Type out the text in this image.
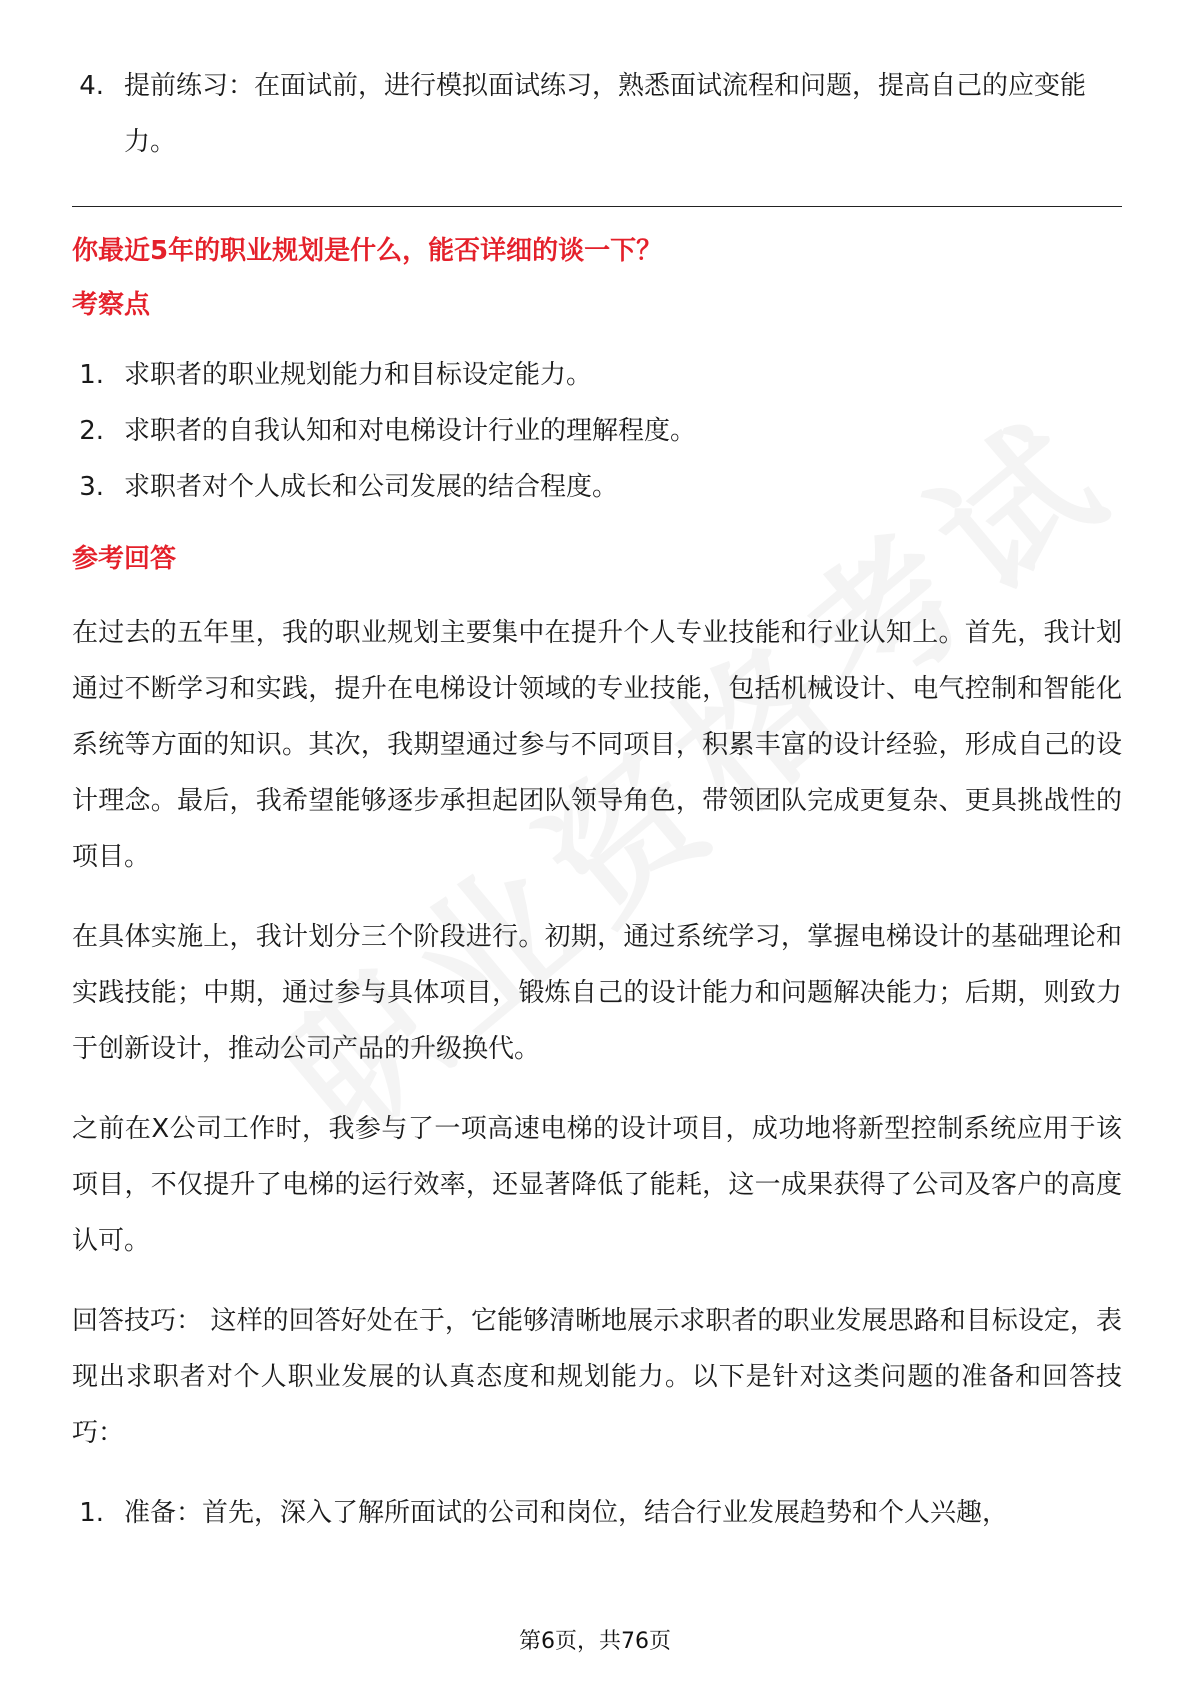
4. 提前练习：在面试前，进行模拟面试练习，熟悉面试流程和问题，提高自己的应变能力。
你最近5年的职业规划是什么，能否详细的谈一下？
考察点
1. 求职者的职业规划能力和目标设定能力。
2. 求职者的自我认知和对电梯设计行业的理解程度。
3. 求职者对个人成长和公司发展的结合程度。
参考回答
在过去的五年里，我的职业规划主要集中在提升个人专业技能和行业认知上。首先，我计划通过不断学习和实践，提升在电梯设计领域的专业技能，包括机械设计、电气控制和智能化系统等方面的知识。其次，我期望通过参与不同项目，积累丰富的设计经验，形成自己的设计理念。最后，我希望能够逐步承担起团队领导角色，带领团队完成更复杂、更具挑战性的项目。
在具体实施上，我计划分三个阶段进行。初期，通过系统学习，掌握电梯设计的基础理论和实践技能；中期，通过参与具体项目，锻炼自己的设计能力和问题解决能力；后期，则致力于创新设计，推动公司产品的升级换代。
之前在X公司工作时，我参与了一项高速电梯的设计项目，成功地将新型控制系统应用于该项目，不仅提升了电梯的运行效率，还显著降低了能耗，这一成果获得了公司及客户的高度认可。
回答技巧： 这样的回答好处在于，它能够清晰地展示求职者的职业发展思路和目标设定，表现出求职者对个人职业发展的认真态度和规划能力。以下是针对这类问题的准备和回答技巧：
1. 准备：首先，深入了解所面试的公司和岗位，结合行业发展趋势和个人兴趣，
第6页，共76页
